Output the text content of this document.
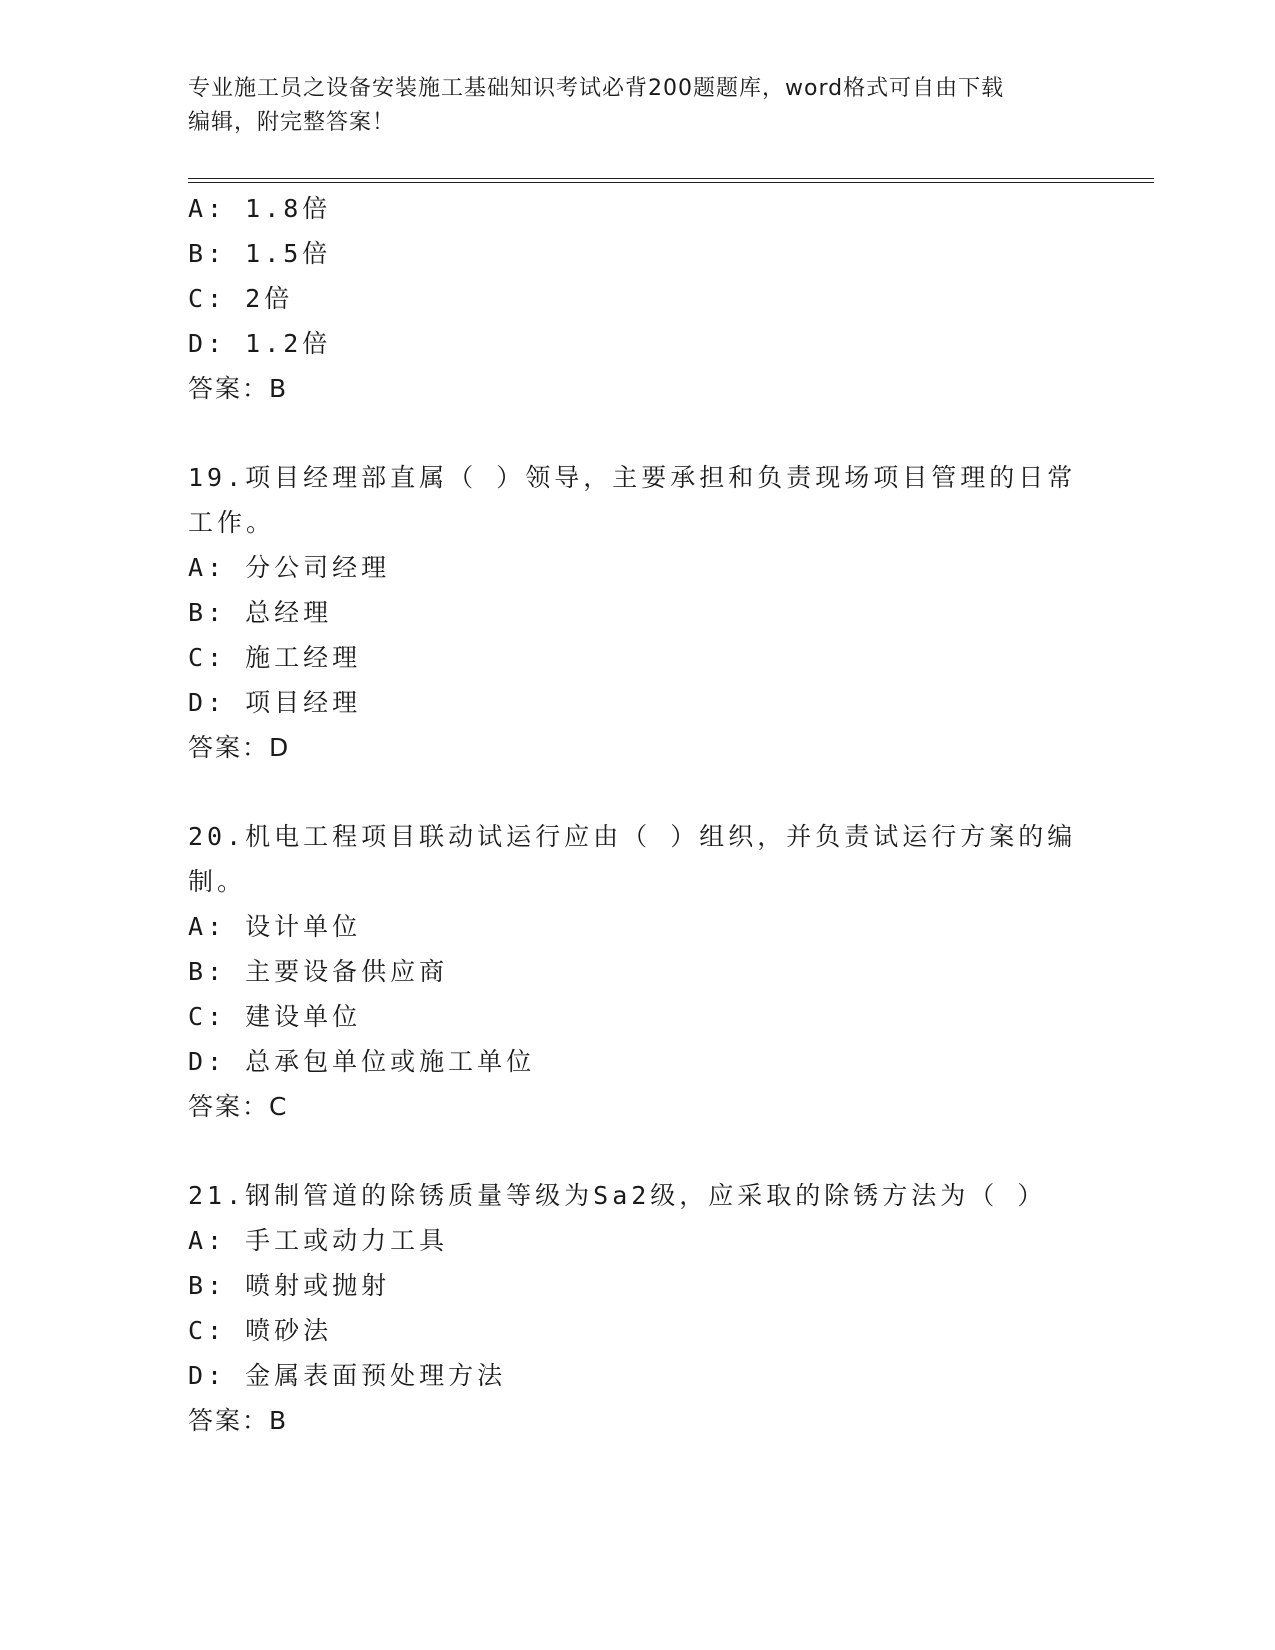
专业施工员之设备安装施工基础知识考试必背200题题库，word格式可自由下载
编辑，附完整答案！
A: 1.8倍
B: 1.5倍
C: 2倍
D: 1.2倍
答案：B
19.项目经理部直属（ ）领导，主要承担和负责现场项目管理的日常
工作。
A: 分公司经理
B: 总经理
C: 施工经理
D: 项目经理
答案：D
20.机电工程项目联动试运行应由（ ）组织，并负责试运行方案的编
制。
A: 设计单位
B: 主要设备供应商
C: 建设单位
D: 总承包单位或施工单位
答案：C
21.钢制管道的除锈质量等级为Sa2级，应采取的除锈方法为（ ）
A: 手工或动力工具
B: 喷射或抛射
C: 喷砂法
D: 金属表面预处理方法
答案：B
